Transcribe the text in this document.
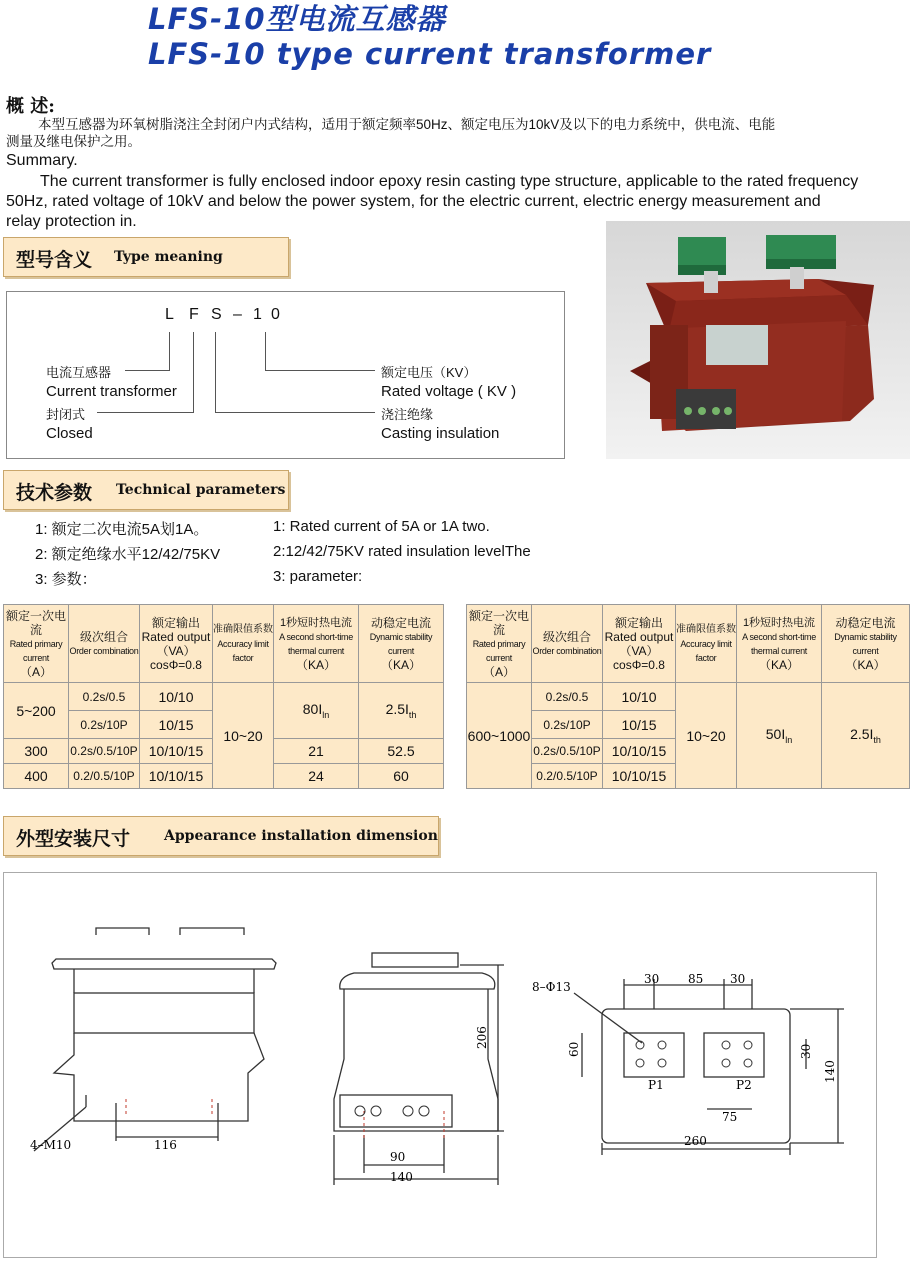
LFS-10型电流互感器
LFS-10 type current transformer
概 述:
本型互感器为环氧树脂浇注全封闭户内式结构，适用于额定频率50Hz、额定电压为10kV及以下的电力系统中，供电流、电能
测量及继电保护之用。
Summary.
The current transformer is fully enclosed indoor epoxy resin casting type structure, applicable to the rated frequency
50Hz, rated voltage of 10kV and below the power system, for the electric current, electric energy measurement and
relay protection in.
型号含义 Type meaning
L F S – 1 0
电流互感器
Current transformer
封闭式
Closed
额定电压（KV）
Rated voltage ( KV )
浇注绝缘
Casting insulation
技术参数 Technical parameters
1: 额定二次电流5A划1A。
2: 额定绝缘水平12/42/75KV
3: 参数：
1: Rated current of 5A or 1A two.
2:12/42/75KV rated insulation levelThe
3: parameter:
额定一次电流
Rated primary current
（A）	级次组合
Order combination	额定输出
Rated output
（VA）
cosΦ=0.8	准确限值系数
Accuracy limit factor	1秒短时热电流
A second short-time
thermal current
（KA）	动稳定电流
Dynamic stability current
（KA）

5~200	0.2s/0.5	10/10	10~20	$80I_{ln}$	$2.5I_{th}$
	0.2s/10P	10/15			
300	0.2s/0.5/10P	10/10/15		21	52.5
400	0.2/0.5/10P	10/10/15		24	60
额定一次电流
Rated primary current
（A）	级次组合
Order combination	额定输出
Rated output
（VA）
cosΦ=0.8	准确限值系数
Accuracy limit factor	1秒短时热电流
A second short-time
thermal current
（KA）	动稳定电流
Dynamic stability current
（KA）

600~1000	0.2s/0.5	10/10	10~20	$50I_{ln}$	$2.5I_{th}$
	0.2s/10P	10/15			
	0.2s/0.5/10P	10/10/15			
	0.2/0.5/10P	10/10/15			
外型安装尺寸 Appearance installation dimension
4–M10	116
206
90
140
8–Φ13
30 85 30
60	30
140
75
260
P1	P2
